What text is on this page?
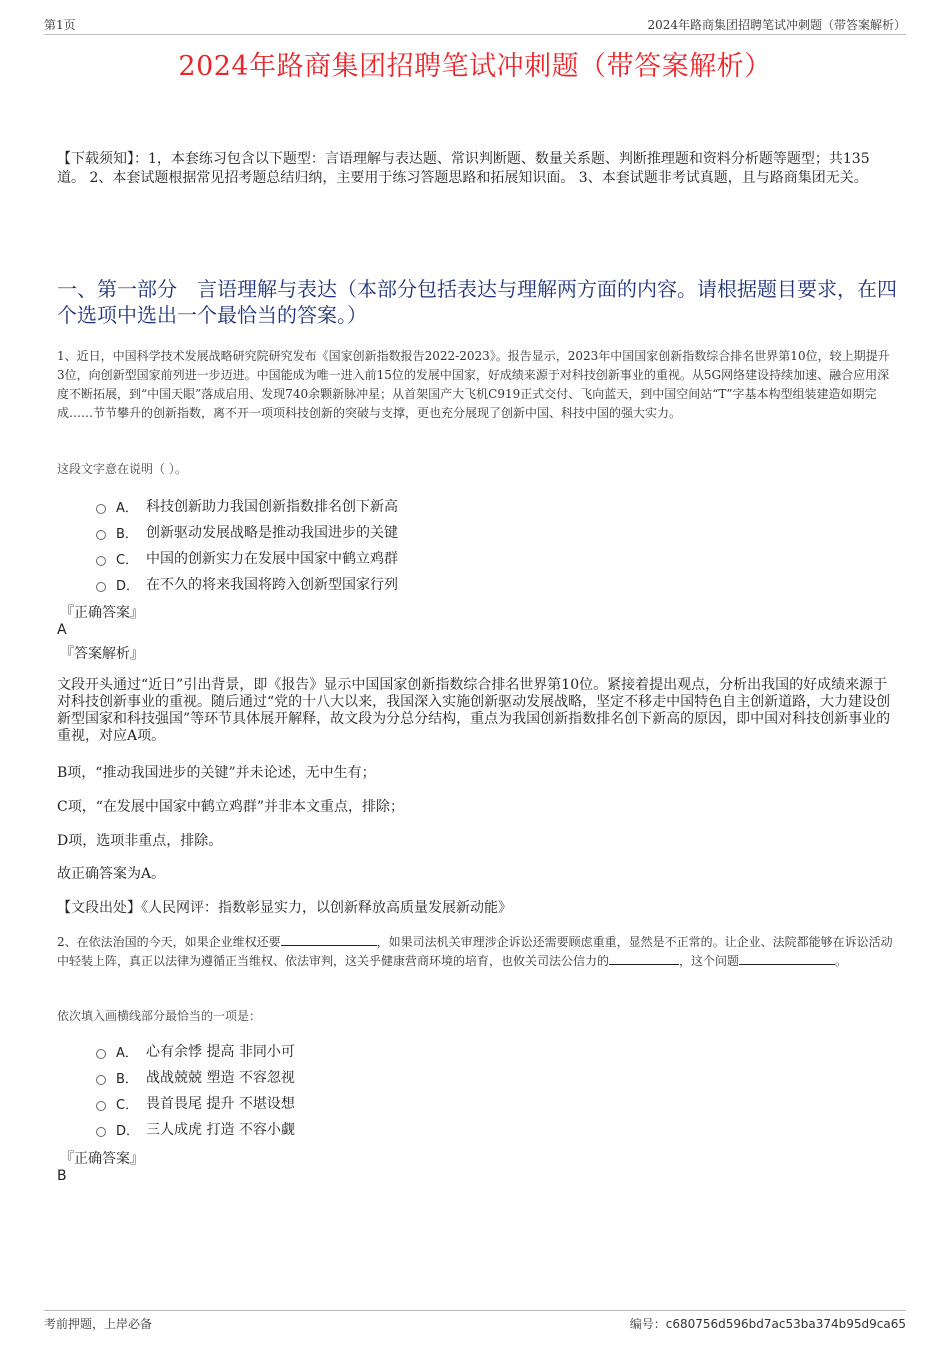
第1页	2024年路商集团招聘笔试冲刺题（带答案解析）
2024年路商集团招聘笔试冲刺题（带答案解析）
【下载须知】：1，本套练习包含以下题型：言语理解与表达题、常识判断题、数量关系题、判断推理题和资料分析题等题型；共135道。 2、本套试题根据常见招考题总结归纳，主要用于练习答题思路和拓展知识面。 3、本套试题非考试真题，且与路商集团无关。
一、第一部分　言语理解与表达（本部分包括表达与理解两方面的内容。请根据题目要求，在四个选项中选出一个最恰当的答案。）
1、近日，中国科学技术发展战略研究院研究发布《国家创新指数报告2022-2023》。报告显示，2023年中国国家创新指数综合排名世界第10位，较上期提升3位，向创新型国家前列进一步迈进。中国能成为唯一进入前15位的发展中国家，好成绩来源于对科技创新事业的重视。从5G网络建设持续加速、融合应用深度不断拓展，到“中国天眼”落成启用、发现740余颗新脉冲星；从首架国产大飞机C919正式交付、飞向蓝天，到中国空间站“T”字基本构型组装建造如期完成……节节攀升的创新指数，离不开一项项科技创新的突破与支撑，更也充分展现了创新中国、科技中国的强大实力。
这段文字意在说明（ ）。
A． 科技创新助力我国创新指数排名创下新高
B． 创新驱动发展战略是推动我国进步的关键
C． 中国的创新实力在发展中国家中鹤立鸡群
D． 在不久的将来我国将跨入创新型国家行列
『正确答案』
A
『答案解析』
文段开头通过“近日”引出背景，即《报告》显示中国国家创新指数综合排名世界第10位。紧接着提出观点，分析出我国的好成绩来源于对科技创新事业的重视。随后通过“党的十八大以来，我国深入实施创新驱动发展战略，坚定不移走中国特色自主创新道路，大力建设创新型国家和科技强国”等环节具体展开解释，故文段为分总分结构，重点为我国创新指数排名创下新高的原因，即中国对科技创新事业的重视，对应A项。
B项，“推动我国进步的关键”并未论述，无中生有；
C项，“在发展中国家中鹤立鸡群”并非本文重点，排除；
D项，选项非重点，排除。
故正确答案为A。
【文段出处】《人民网评：指数彰显实力，以创新释放高质量发展新动能》
2、在依法治国的今天，如果企业维权还要	，如果司法机关审理涉企诉讼还需要顾虑重重，显然是不正常的。让企业、法院都能够在诉讼活动中轻装上阵，真正以法律为遵循正当维权、依法审判，这关乎健康营商环境的培育，也攸关司法公信力的	，这个问题	。
依次填入画横线部分最恰当的一项是：
A． 心有余悸 提高 非同小可
B． 战战兢兢 塑造 不容忽视
C． 畏首畏尾 提升 不堪设想
D． 三人成虎 打造 不容小觑
『正确答案』
B
考前押题，上岸必备	编号：c680756d596bd7ac53ba374b95d9ca65
